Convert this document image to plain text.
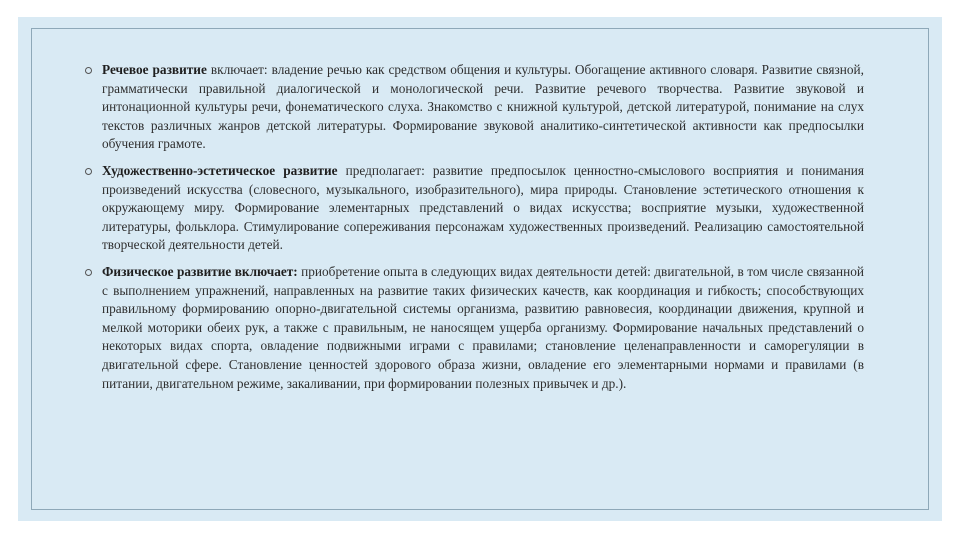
Речевое развитие включает: владение речью как средством общения и культуры. Обогащение активного словаря. Развитие связной, грамматически правильной диалогической и монологической речи. Развитие речевого творчества. Развитие звуковой и интонационной культуры речи, фонематического слуха. Знакомство с книжной культурой, детской литературой, понимание на слух текстов различных жанров детской литературы. Формирование звуковой аналитико-синтетической активности как предпосылки обучения грамоте.
Художественно-эстетическое развитие предполагает: развитие предпосылок ценностно-смыслового восприятия и понимания произведений искусства (словесного, музыкального, изобразительного), мира природы. Становление эстетического отношения к окружающему миру. Формирование элементарных представлений о видах искусства; восприятие музыки, художественной литературы, фольклора. Стимулирование сопереживания персонажам художественных произведений. Реализацию самостоятельной творческой деятельности детей.
Физическое развитие включает: приобретение опыта в следующих видах деятельности детей: двигательной, в том числе связанной с выполнением упражнений, направленных на развитие таких физических качеств, как координация и гибкость; способствующих правильному формированию опорно-двигательной системы организма, развитию равновесия, координации движения, крупной и мелкой моторики обеих рук, а также с правильным, не наносящем ущерба организму. Формирование начальных представлений о некоторых видах спорта, овладение подвижными играми с правилами; становление целенаправленности и саморегуляции в двигательной сфере. Становление ценностей здорового образа жизни, овладение его элементарными нормами и правилами (в питании, двигательном режиме, закаливании, при формировании полезных привычек и др.).
